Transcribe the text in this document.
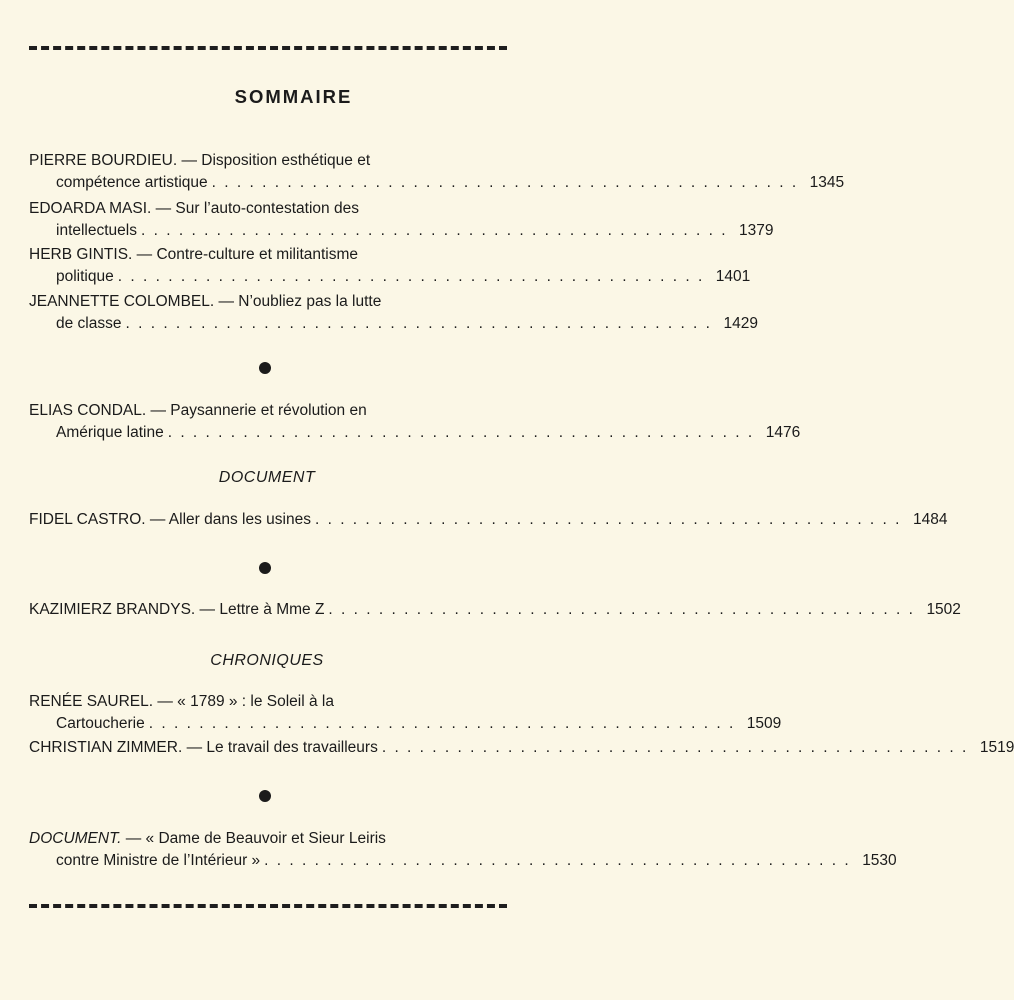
SOMMAIRE
PIERRE BOURDIEU. — Disposition esthétique et
compétence artistique . . . . . . . . . . . . . . . . . . . . . . . . . . . . . . . . . . . . . . . . . . . . . . . 1345
EDOARDA MASI. — Sur l’auto-contestation des
intellectuels . . . . . . . . . . . . . . . . . . . . . . . . . . . . . . . . . . . . . . . . . . . . . . . 1379
HERB GINTIS. — Contre-culture et militantisme
politique . . . . . . . . . . . . . . . . . . . . . . . . . . . . . . . . . . . . . . . . . . . . . . . 1401
JEANNETTE COLOMBEL. — N’oubliez pas la lutte
de classe . . . . . . . . . . . . . . . . . . . . . . . . . . . . . . . . . . . . . . . . . . . . . . . 1429
ELIAS CONDAL. — Paysannerie et révolution en
Amérique latine . . . . . . . . . . . . . . . . . . . . . . . . . . . . . . . . . . . . . . . . . . . . . . . 1476
DOCUMENT
FIDEL CASTRO. — Aller dans les usines . . . . . . . . . . . . . . . . . . . . . . . . . . . . . . . . . . . . . . . . . . . . . . . 1484
KAZIMIERZ BRANDYS. — Lettre à Mme Z . . . . . . . . . . . . . . . . . . . . . . . . . . . . . . . . . . . . . . . . . . . . . . . 1502
CHRONIQUES
RENÉE SAUREL. — « 1789 » : le Soleil à la
Cartoucherie . . . . . . . . . . . . . . . . . . . . . . . . . . . . . . . . . . . . . . . . . . . . . . . 1509
CHRISTIAN ZIMMER. — Le travail des travailleurs . . . . . . . . . . . . . . . . . . . . . . . . . . . . . . . . . . . . . . . . . . . . . . . 1519
DOCUMENT. — « Dame de Beauvoir et Sieur Leiris
contre Ministre de l’Intérieur » . . . . . . . . . . . . . . . . . . . . . . . . . . . . . . . . . . . . . . . . . . . . . . . 1530
